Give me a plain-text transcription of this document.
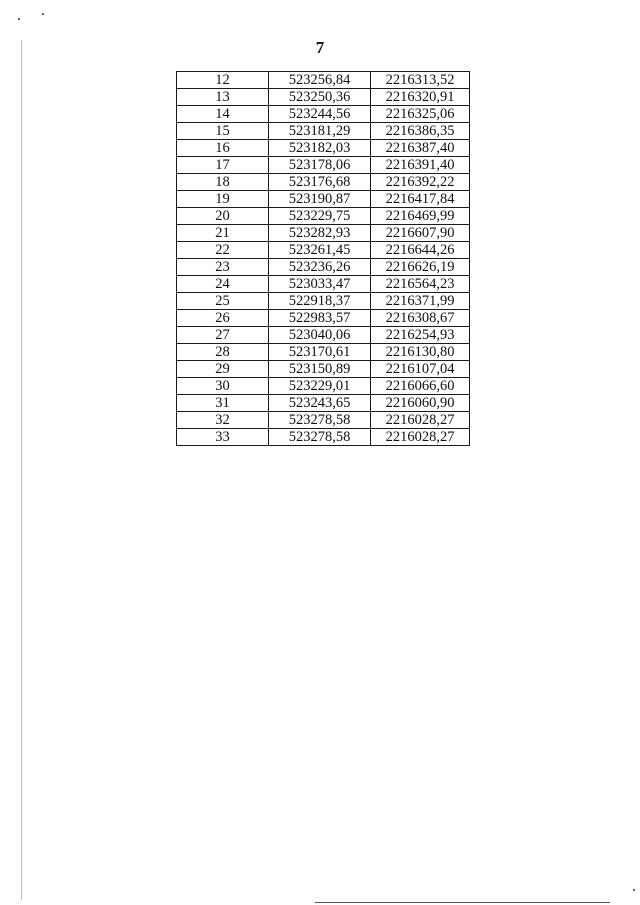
7
12	523256,84	2216313,52
13	523250,36	2216320,91
14	523244,56	2216325,06
15	523181,29	2216386,35
16	523182,03	2216387,40
17	523178,06	2216391,40
18	523176,68	2216392,22
19	523190,87	2216417,84
20	523229,75	2216469,99
21	523282,93	2216607,90
22	523261,45	2216644,26
23	523236,26	2216626,19
24	523033,47	2216564,23
25	522918,37	2216371,99
26	522983,57	2216308,67
27	523040,06	2216254,93
28	523170,61	2216130,80
29	523150,89	2216107,04
30	523229,01	2216066,60
31	523243,65	2216060,90
32	523278,58	2216028,27
33	523278,58	2216028,27
